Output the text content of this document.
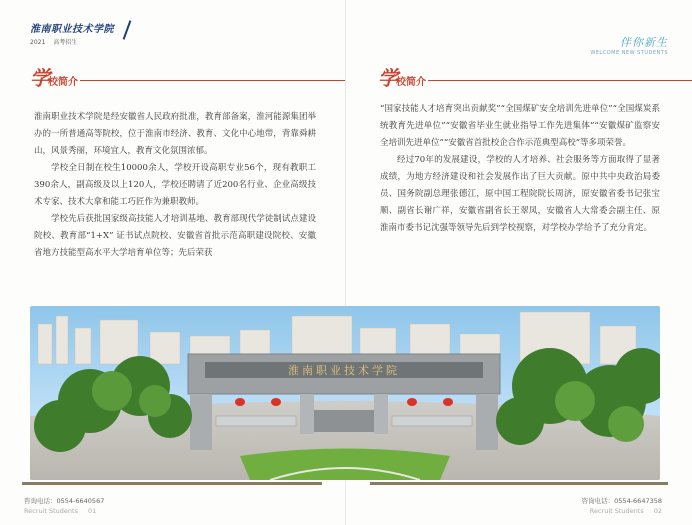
淮南职业技术学院
2021 高考招生
学校简介

淮南职业技术学院是经安徽省人民政府批准，教育部备案，淮河能源集团举办的一所普通高等院校，位于淮南市经济、教育、文化中心地带，背靠舜耕山，风景秀丽，环境宜人，教育文化氛围浓郁。

学校全日制在校生10000余人，学校开设高职专业56个，现有教职工390余人，副高级及以上120人，学校还聘请了近200名行业、企业高级技术专家、技术大拿和能工巧匠作为兼职教师。

学校先后获批国家级高技能人才培训基地、教育部现代学徒制试点建设院校、教育部“1+X” 证书试点院校、安徽省首批示范高职建设院校、安徽省地方技能型高水平大学培育单位等；先后荣获

咨询电话：0554-6640567
Recruit Students 01
伴你新生
WELCOME NEW STUDENTS
学校简介

“国家技能人才培育突出贡献奖”“全国煤矿安全培训先进单位”“全国煤炭系统教育先进单位”“安徽省毕业生就业指导工作先进集体”“安徽煤矿监察安全培训先进单位”“安徽省首批校企合作示范典型高校”等多项荣誉。

经过70年的发展建设，学校的人才培养、社会服务等方面取得了显著成绩，为地方经济建设和社会发展作出了巨大贡献。原中共中央政治局委员、国务院副总理张德江，原中国工程院院长周济，原安徽省委书记张宝顺、副省长谢广祥，安徽省副省长王翠凤，安徽省人大常委会副主任、原淮南市委书记沈强等领导先后到学校视察，对学校办学给予了充分肯定。

咨询电话：0554-6647358
Recruit Students 02
淮南职业技术学院
